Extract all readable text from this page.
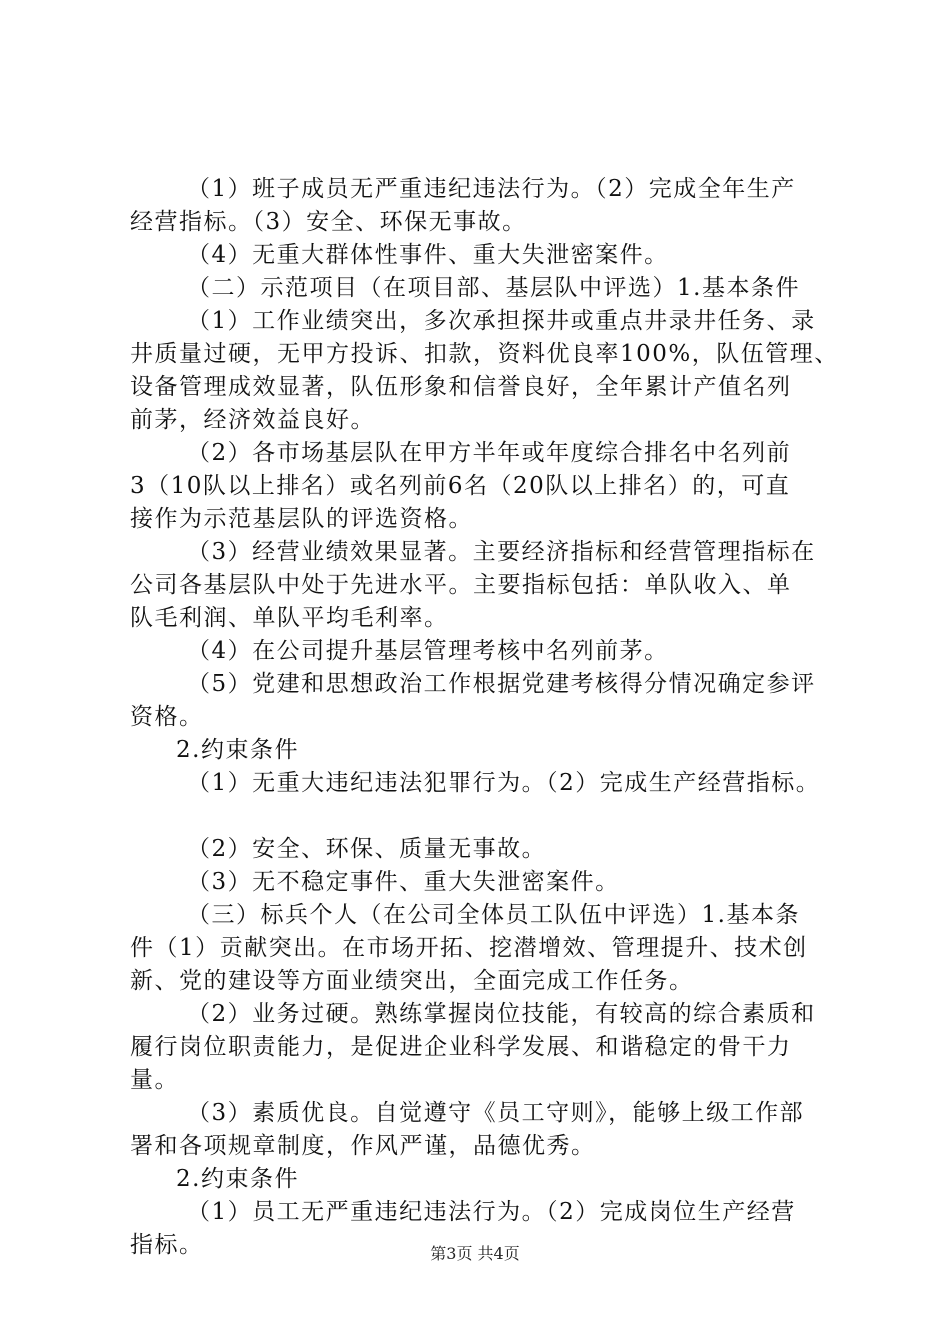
（1）班子成员无严重违纪违法行为。（2）完成全年生产
经营指标。（3）安全、环保无事故。
（4）无重大群体性事件、重大失泄密案件。
（二）示范项目（在项目部、基层队中评选）1.基本条件
（1）工作业绩突出，多次承担探井或重点井录井任务、录
井质量过硬，无甲方投诉、扣款，资料优良率100%，队伍管理、
设备管理成效显著，队伍形象和信誉良好，全年累计产值名列
前茅，经济效益良好。
（2）各市场基层队在甲方半年或年度综合排名中名列前
3（10队以上排名）或名列前6名（20队以上排名）的，可直
接作为示范基层队的评选资格。
（3）经营业绩效果显著。主要经济指标和经营管理指标在
公司各基层队中处于先进水平。主要指标包括：单队收入、单
队毛利润、单队平均毛利率。
（4）在公司提升基层管理考核中名列前茅。
（5）党建和思想政治工作根据党建考核得分情况确定参评
资格。
2.约束条件
（1）无重大违纪违法犯罪行为。（2）完成生产经营指标。
（2）安全、环保、质量无事故。
（3）无不稳定事件、重大失泄密案件。
（三）标兵个人（在公司全体员工队伍中评选）1.基本条
件（1）贡献突出。在市场开拓、挖潜增效、管理提升、技术创
新、党的建设等方面业绩突出，全面完成工作任务。
（2）业务过硬。熟练掌握岗位技能，有较高的综合素质和
履行岗位职责能力，是促进企业科学发展、和谐稳定的骨干力
量。
（3）素质优良。自觉遵守《员工守则》，能够上级工作部
署和各项规章制度，作风严谨，品德优秀。
2.约束条件
（1）员工无严重违纪违法行为。（2）完成岗位生产经营
指标。	第3页 共4页
